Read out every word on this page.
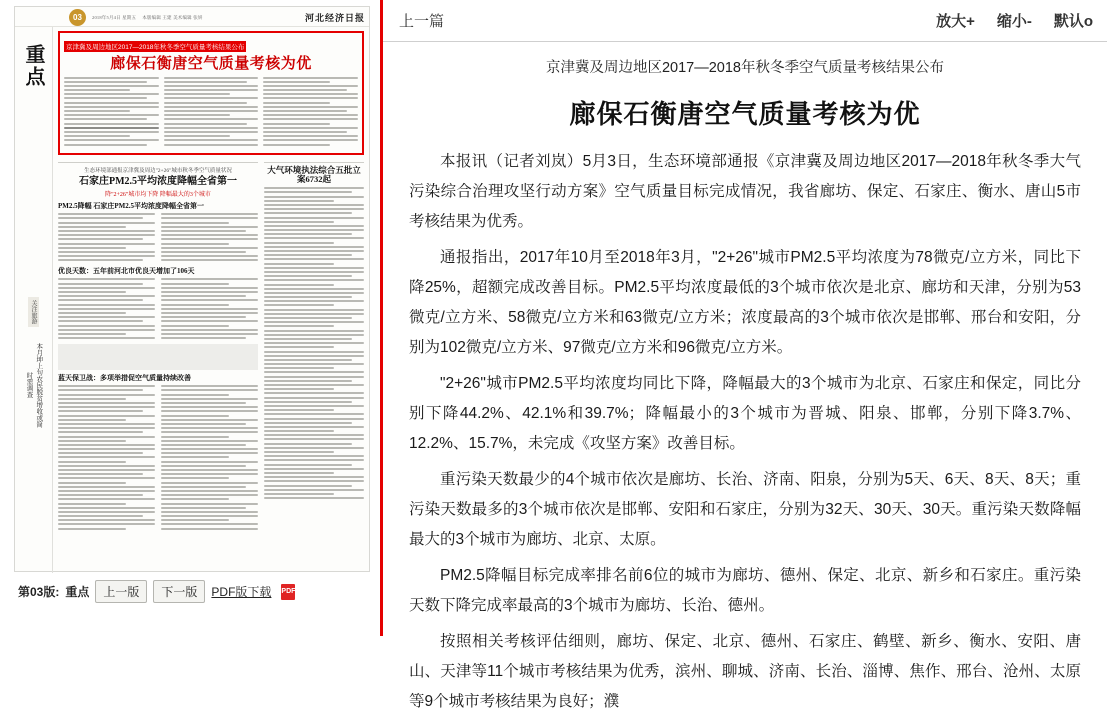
03	2018年5月4日 星期五 本版编辑 王建 美术编辑 张妍	河北经济日报
重点
关注旅游
本月坤上句农民脱贫增收或简时需调查
京津冀及周边地区2017—2018年秋冬季空气质量考核结果公布
廊保石衡唐空气质量考核为优
生态环境部通报京津冀及周边"2+26"城市秋冬季空气质量状况
石家庄PM2.5平均浓度降幅全省第一
降"2+26"城市均下降 降幅最大的3个城市
PM2.5降幅 石家庄PM2.5平均浓度降幅全省第一
优良天数：五年前河北市优良天增加了106天
蓝天保卫战：多项举措促空气质量持续改善
大气环境执法综合五批立案6732起
第03版: 重点	上一版	下一版	PDF版下载 PDF
上一篇	放大+ 缩小- 默认o
京津冀及周边地区2017—2018年秋冬季空气质量考核结果公布
廊保石衡唐空气质量考核为优

本报讯（记者刘岚）5月3日，生态环境部通报《京津冀及周边地区2017—2018年秋冬季大气污染综合治理攻坚行动方案》空气质量目标完成情况，我省廊坊、保定、石家庄、衡水、唐山5市考核结果为优秀。

通报指出，2017年10月至2018年3月，"2+26"城市PM2.5平均浓度为78微克/立方米，同比下降25%，超额完成改善目标。PM2.5平均浓度最低的3个城市依次是北京、廊坊和天津，分别为53微克/立方米、58微克/立方米和63微克/立方米；浓度最高的3个城市依次是邯郸、邢台和安阳，分别为102微克/立方米、97微克/立方米和96微克/立方米。

"2+26"城市PM2.5平均浓度均同比下降，降幅最大的3个城市为北京、石家庄和保定，同比分别下降44.2%、42.1%和39.7%；降幅最小的3个城市为晋城、阳泉、邯郸，分别下降3.7%、12.2%、15.7%，未完成《攻坚方案》改善目标。

重污染天数最少的4个城市依次是廊坊、长治、济南、阳泉，分别为5天、6天、8天、8天；重污染天数最多的3个城市依次是邯郸、安阳和石家庄，分别为32天、30天、30天。重污染天数降幅最大的3个城市为廊坊、北京、太原。

PM2.5降幅目标完成率排名前6位的城市为廊坊、德州、保定、北京、新乡和石家庄。重污染天数下降完成率最高的3个城市为廊坊、长治、德州。

按照相关考核评估细则，廊坊、保定、北京、德州、石家庄、鹤壁、新乡、衡水、安阳、唐山、天津等11个城市考核结果为优秀，滨州、聊城、济南、长治、淄博、焦作、邢台、沧州、太原等9个城市考核结果为良好；濮
